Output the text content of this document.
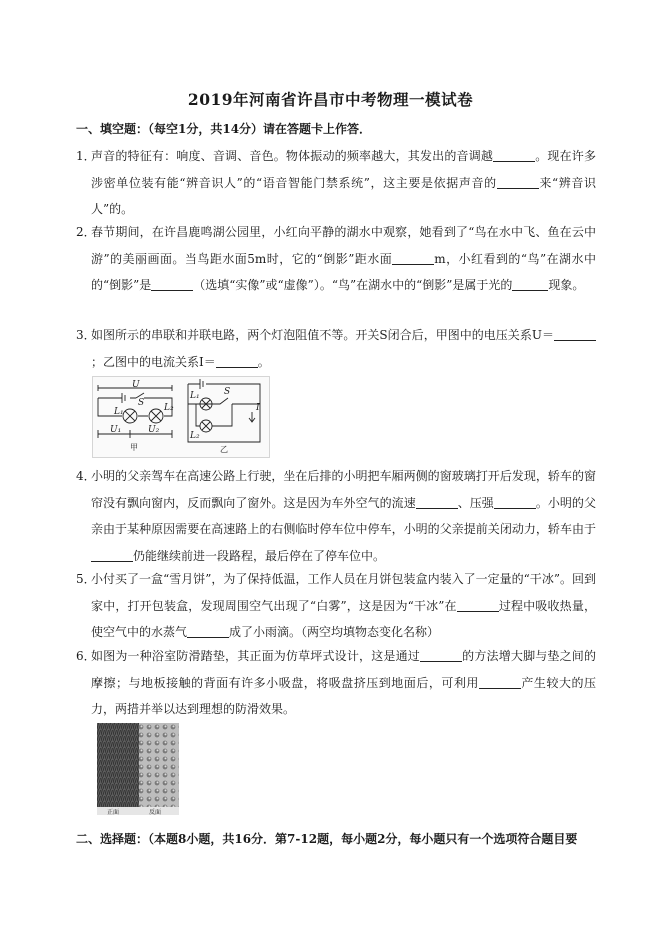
2019年河南省许昌市中考物理一模试卷
一、填空题：（每空1分，共14分）请在答题卡上作答．
1．
声音的特征有：响度、音调、音色。物体振动的频率越大，其发出的音调越	。现在许多涉密单位装有能“辨音识人”的“语音智能门禁系统”，这主要是依据声音的	来“辨音识人”的。
2．
春节期间，在许昌鹿鸣湖公园里，小红向平静的湖水中观察，她看到了“鸟在水中飞、鱼在云中游”的美丽画面。当鸟距水面5m时，它的“倒影”距水面	m，小红看到的“鸟”在湖水中的“倒影”是	（选填“实像”或“虚像”）。“鸟”在湖水中的“倒影”是属于光的	现象。
3．
如图所示的串联和并联电路，两个灯泡阻值不等。开关S闭合后，甲图中的电压关系U＝；乙图中的电流关系I＝	。
U
S
L₁	L₂
U₁	U₂
甲
S
L₁
L₂
I
乙
4．
小明的父亲驾车在高速公路上行驶，坐在后排的小明把车厢两侧的窗玻璃打开后发现，轿车的窗帘没有飘向窗内，反而飘向了窗外。这是因为车外空气的流速	、压强	。小明的父亲由于某种原因需要在高速路上的右侧临时停车位中停车，小明的父亲提前关闭动力，轿车由于仍能继续前进一段路程，最后停在了停车位中。
5．
小付买了一盒“雪月饼”，为了保持低温，工作人员在月饼包装盒内装入了一定量的“干冰”。回到家中，打开包装盒，发现周围空气出现了“白雾”，这是因为“干冰”在	过程中吸收热量，使空气中的水蒸气	成了小雨滴。（两空均填物态变化名称）
6．
如图为一种浴室防滑踏垫，其正面为仿草坪式设计，这是通过	的方法增大脚与垫之间的摩擦；与地板接触的背面有许多小吸盘，将吸盘挤压到地面后，可利用	产生较大的压力，两措并举以达到理想的防滑效果。
正面	反面
二、选择题：（本题8小题，共16分．第7-12题，每小题2分，每小题只有一个选项符合题目要
